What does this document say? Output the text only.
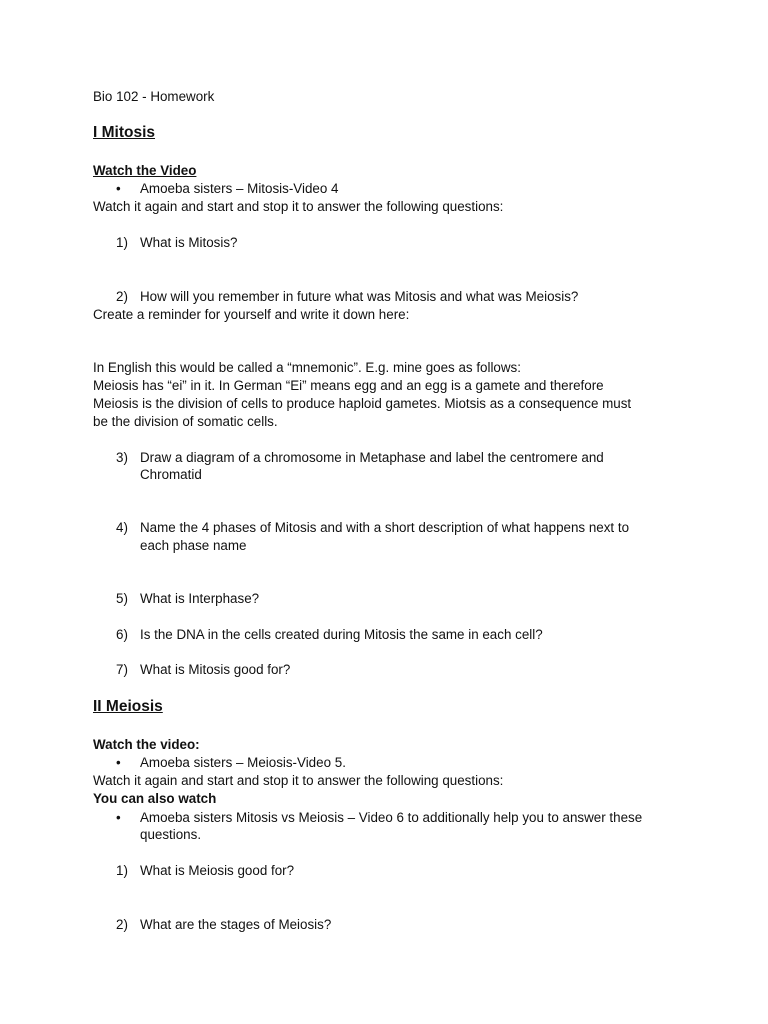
Bio 102 - Homework
I Mitosis
Watch the Video
•	Amoeba sisters – Mitosis-Video 4
Watch it again and start and stop it to answer the following questions:
1) What is Mitosis?
2) How will you remember in future what was Mitosis and what was Meiosis?
Create a reminder for yourself and write it down here:
In English this would be called a “mnemonic”. E.g. mine goes as follows:
Meiosis has “ei” in it. In German “Ei” means egg and an egg is a gamete and therefore
Meiosis is the division of cells to produce haploid gametes. Miotsis as a consequence must
be the division of somatic cells.
3) Draw a diagram of a chromosome in Metaphase and label the centromere and
Chromatid
4) Name the 4 phases of Mitosis and with a short description of what happens next to
each phase name
5) What is Interphase?
6) Is the DNA in the cells created during Mitosis the same in each cell?
7) What is Mitosis good for?
II Meiosis
Watch the video:
•	Amoeba sisters – Meiosis-Video 5.
Watch it again and start and stop it to answer the following questions:
You can also watch
•	Amoeba sisters Mitosis vs Meiosis – Video 6 to additionally help you to answer these
questions.
1) What is Meiosis good for?
2) What are the stages of Meiosis?
